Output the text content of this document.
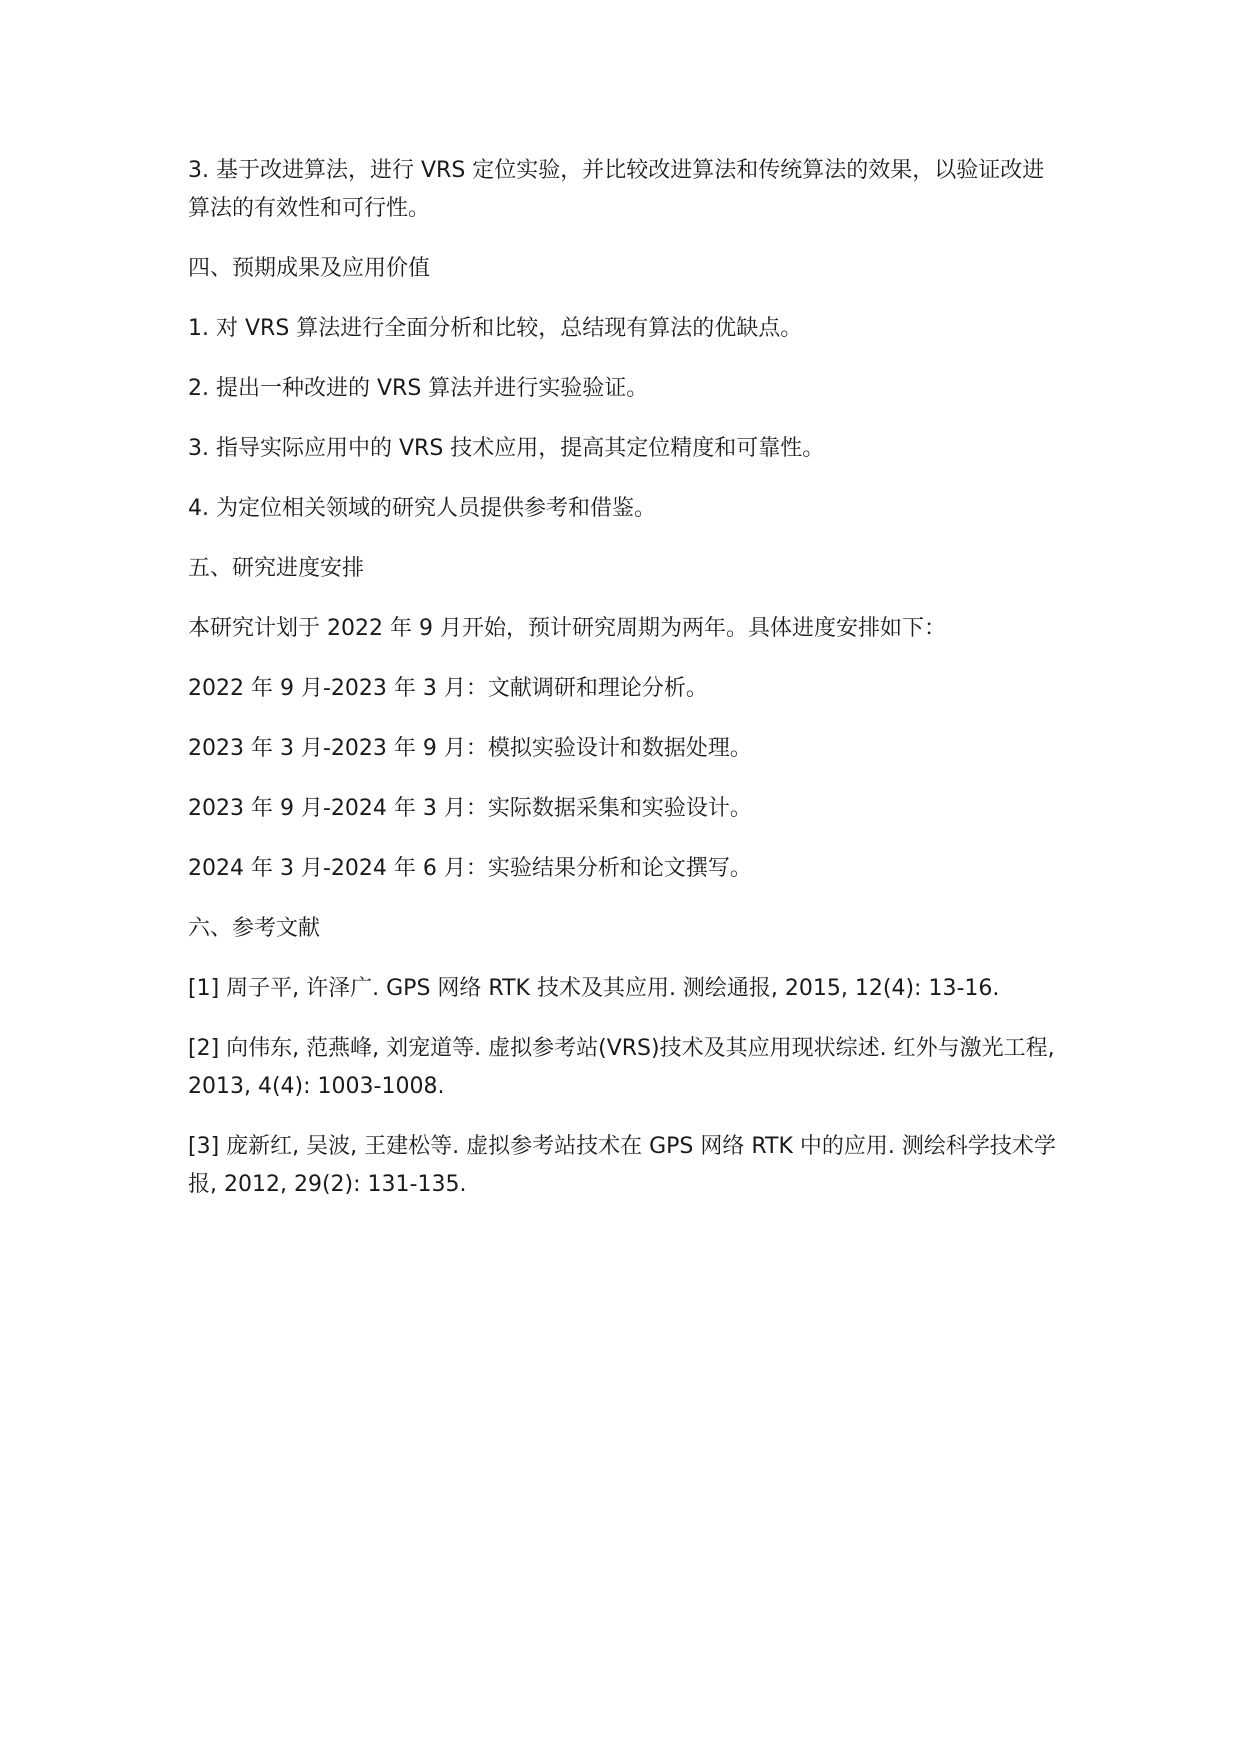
3. 基于改进算法，进行 VRS 定位实验，并比较改进算法和传统算法的效果，以验证改进算法的有效性和可行性。

四、预期成果及应用价值

1. 对 VRS 算法进行全面分析和比较，总结现有算法的优缺点。

2. 提出一种改进的 VRS 算法并进行实验验证。

3. 指导实际应用中的 VRS 技术应用，提高其定位精度和可靠性。

4. 为定位相关领域的研究人员提供参考和借鉴。

五、研究进度安排

本研究计划于 2022 年 9 月开始，预计研究周期为两年。具体进度安排如下：

2022 年 9 月-2023 年 3 月：文献调研和理论分析。

2023 年 3 月-2023 年 9 月：模拟实验设计和数据处理。

2023 年 9 月-2024 年 3 月：实际数据采集和实验设计。

2024 年 3 月-2024 年 6 月：实验结果分析和论文撰写。

六、参考文献

[1] 周子平, 许泽广. GPS 网络 RTK 技术及其应用. 测绘通报, 2015, 12(4): 13-16.

[2] 向伟东, 范燕峰, 刘宠道等. 虚拟参考站(VRS)技术及其应用现状综述. 红外与激光工程, 2013, 4(4): 1003-1008.

[3] 庞新红, 吴波, 王建松等. 虚拟参考站技术在 GPS 网络 RTK 中的应用. 测绘科学技术学报, 2012, 29(2): 131-135.
